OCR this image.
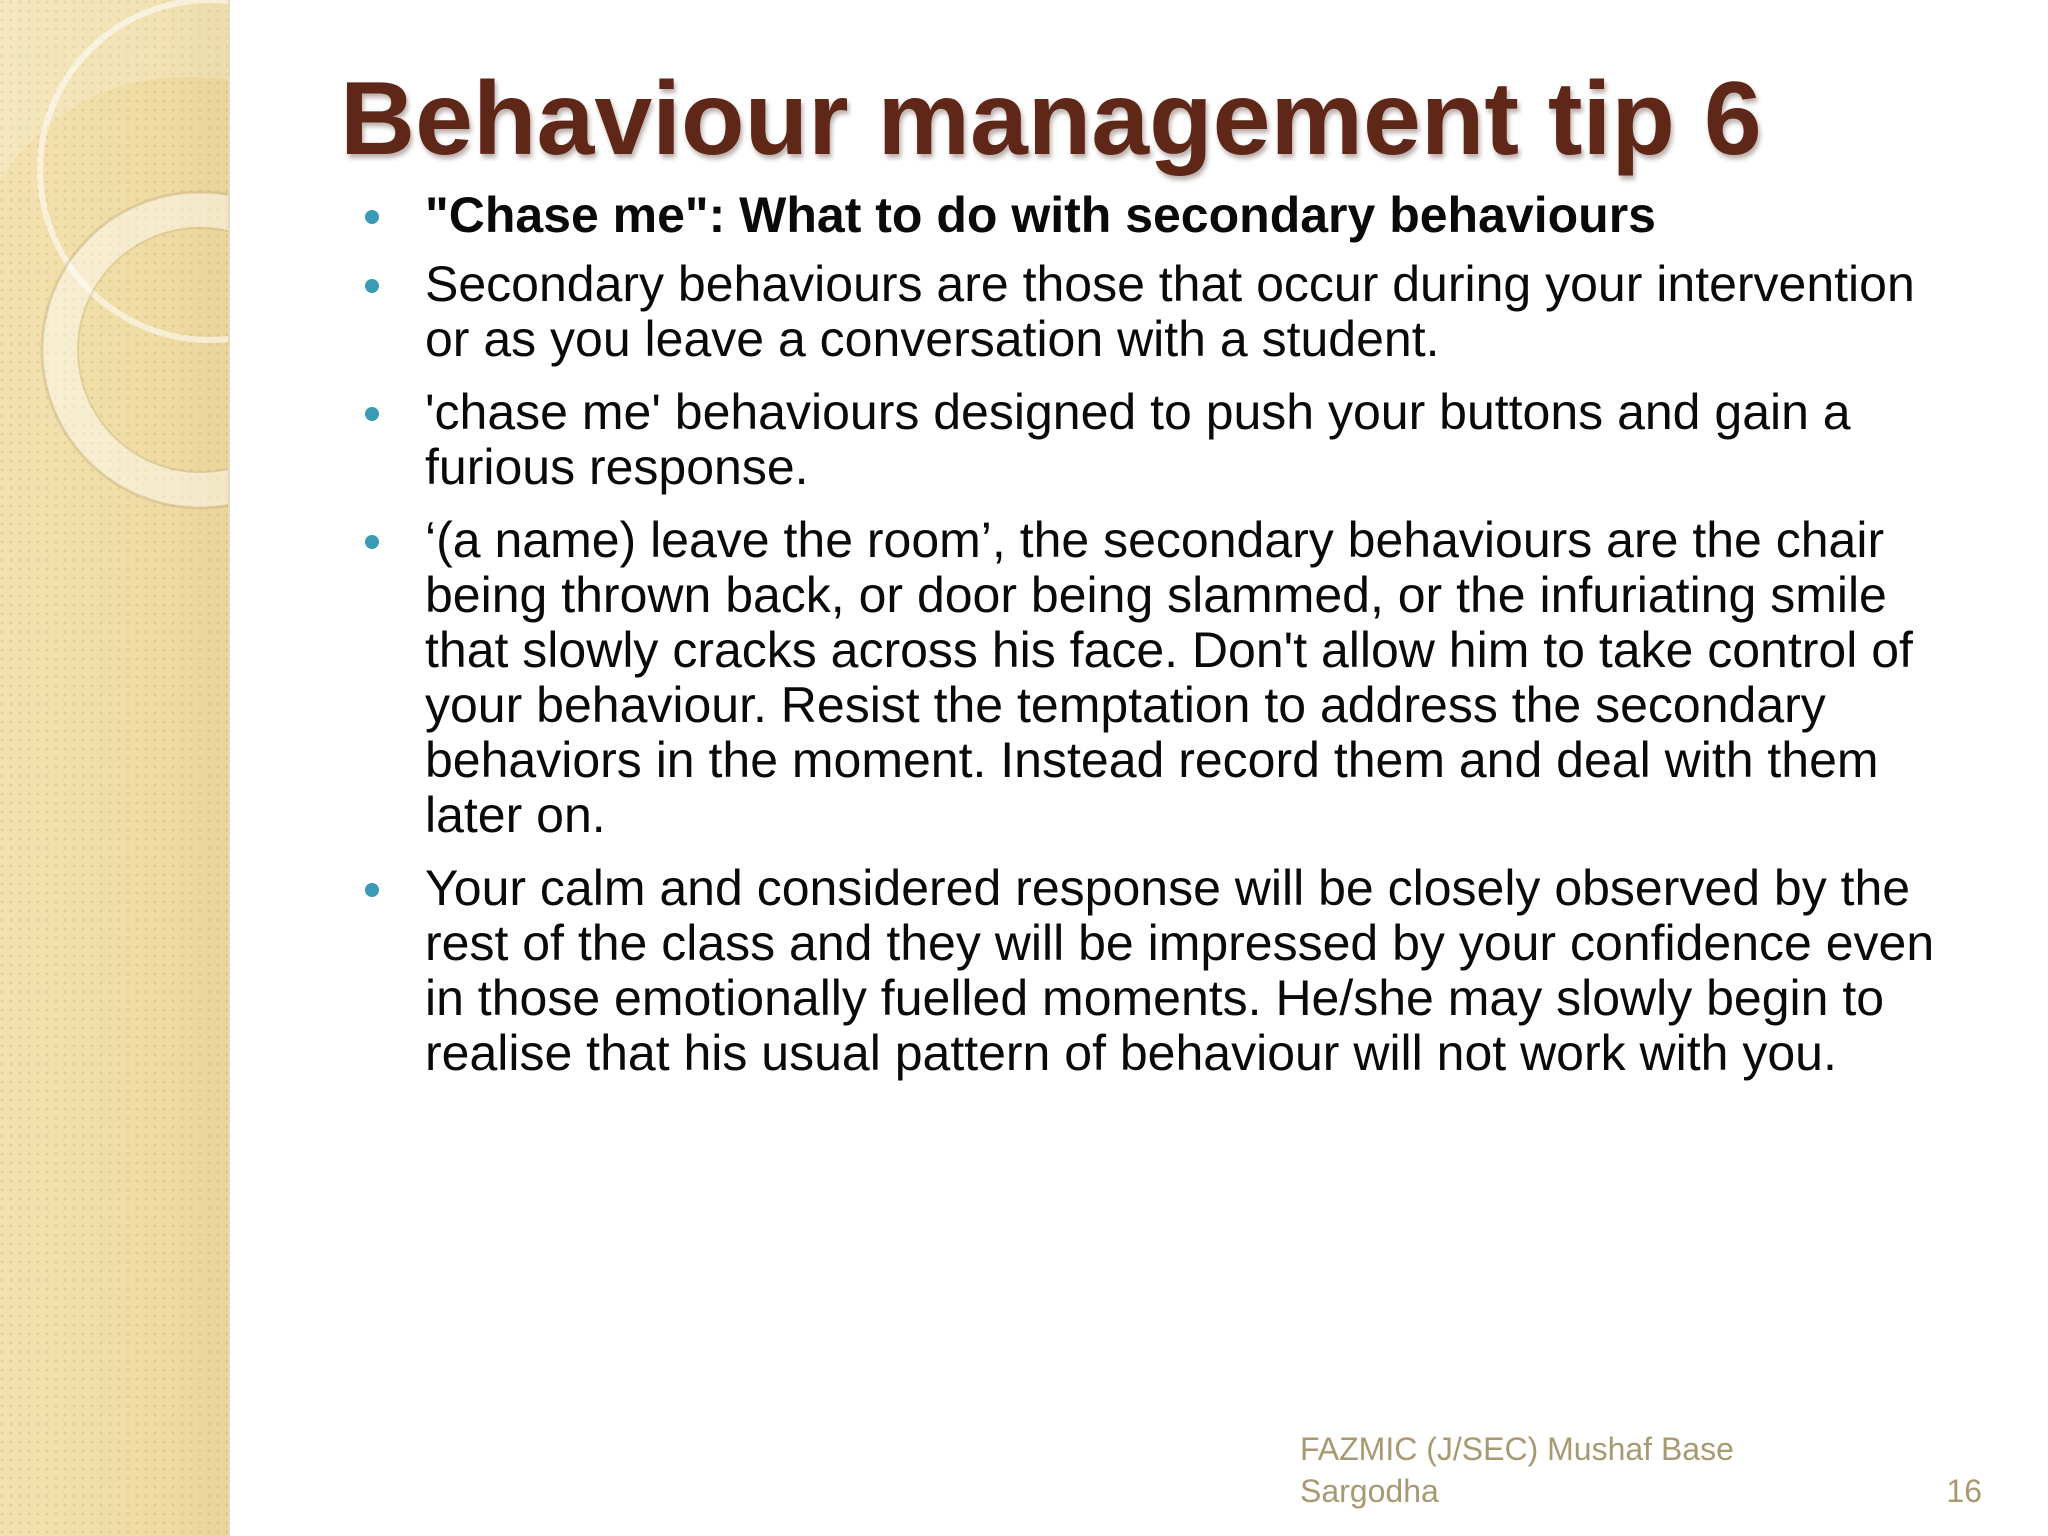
Behaviour management tip 6
"Chase me": What to do with secondary behaviours
Secondary behaviours are those that occur during your intervention or as you leave a conversation with a student.
'chase me' behaviours designed to push your buttons and gain a furious response.
‘(a name) leave the room’, the secondary behaviours are the chair being thrown back, or door being slammed, or the infuriating smile that slowly cracks across his face. Don't allow him to take control of your behaviour. Resist the temptation to address the secondary behaviors in the moment. Instead record them and deal with them later on.
Your calm and considered response will be closely observed by the rest of the class and they will be impressed by your confidence even in those emotionally fuelled moments. He/she may slowly begin to realise that his usual pattern of behaviour will not work with you.
FAZMIC (J/SEC) Mushaf Base Sargodha	16
